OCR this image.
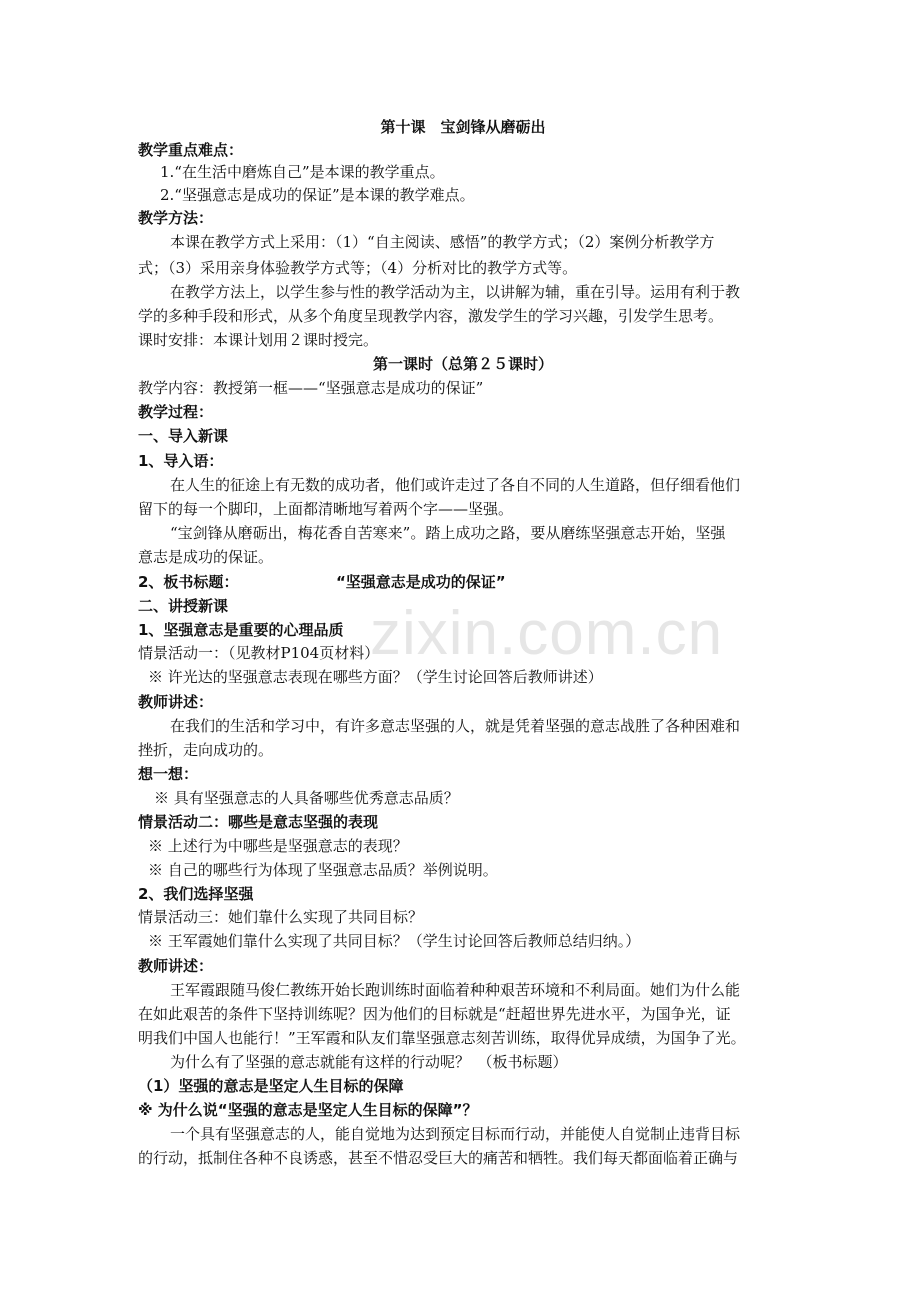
zixin.com.cn
第十课　宝剑锋从磨砺出
教学重点难点：
1.“在生活中磨炼自己”是本课的教学重点。
2.“坚强意志是成功的保证”是本课的教学难点。
教学方法：
本课在教学方式上采用：（1）“自主阅读、感悟”的教学方式；（2）案例分析教学方
式；（3）采用亲身体验教学方式等；（4）分析对比的教学方式等。
在教学方法上，以学生参与性的教学活动为主，以讲解为辅，重在引导。运用有利于教
学的多种手段和形式，从多个角度呈现教学内容，激发学生的学习兴趣，引发学生思考。
课时安排：本课计划用２课时授完。
第一课时（总第２５课时）
教学内容：教授第一框——“坚强意志是成功的保证”
教学过程：
一、导入新课
1、导入语：
在人生的征途上有无数的成功者，他们或许走过了各自不同的人生道路，但仔细看他们
留下的每一个脚印，上面都清晰地写着两个字——坚强。
“宝剑锋从磨砺出，梅花香自苦寒来”。踏上成功之路，要从磨练坚强意志开始，坚强
意志是成功的保证。
2、板书标题：　　　　　　　“坚强意志是成功的保证”
二、讲授新课
1、坚强意志是重要的心理品质
情景活动一：（见教材P104页材料）
※ 许光达的坚强意志表现在哪些方面？（学生讨论回答后教师讲述）
教师讲述：
在我们的生活和学习中，有许多意志坚强的人，就是凭着坚强的意志战胜了各种困难和
挫折，走向成功的。
想一想：
※ 具有坚强意志的人具备哪些优秀意志品质？
情景活动二：哪些是意志坚强的表现
※ 上述行为中哪些是坚强意志的表现？
※ 自己的哪些行为体现了坚强意志品质？举例说明。
2、我们选择坚强
情景活动三：她们靠什么实现了共同目标？
※ 王军霞她们靠什么实现了共同目标？（学生讨论回答后教师总结归纳。）
教师讲述：
王军霞跟随马俊仁教练开始长跑训练时面临着种种艰苦环境和不利局面。她们为什么能
在如此艰苦的条件下坚持训练呢？因为他们的目标就是“赶超世界先进水平，为国争光，证
明我们中国人也能行！”王军霞和队友们靠坚强意志刻苦训练，取得优异成绩，为国争了光。
为什么有了坚强的意志就能有这样的行动呢？　（板书标题）
（1）坚强的意志是坚定人生目标的保障
※ 为什么说“坚强的意志是坚定人生目标的保障”？
一个具有坚强意志的人，能自觉地为达到预定目标而行动，并能使人自觉制止违背目标
的行动，抵制住各种不良诱惑，甚至不惜忍受巨大的痛苦和牺牲。我们每天都面临着正确与
